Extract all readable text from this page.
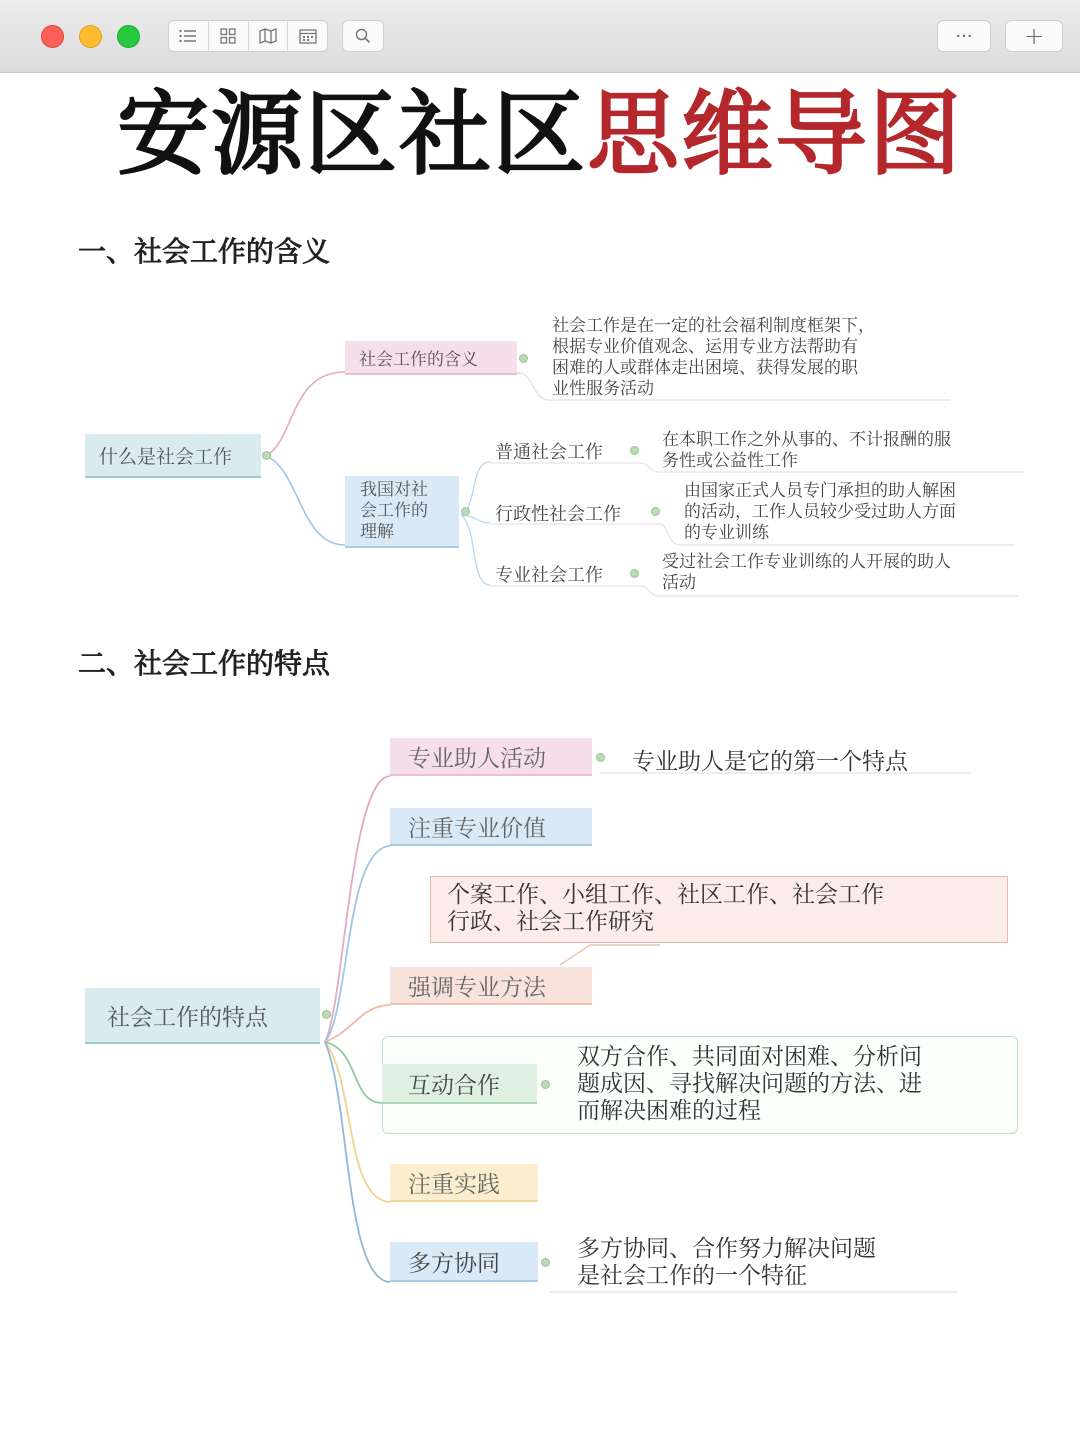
···	+
安源区社区思维导图
一、社会工作的含义
什么是社会工作
社会工作的含义
社会工作是在一定的社会福利制度框架下，
根据专业价值观念、运用专业方法帮助有
困难的人或群体走出困境、获得发展的职
业性服务活动
我国对社
会工作的
理解
普通社会工作
在本职工作之外从事的、不计报酬的服
务性或公益性工作
行政性社会工作
由国家正式人员专门承担的助人解困
的活动，工作人员较少受过助人方面
的专业训练
专业社会工作
受过社会工作专业训练的人开展的助人
活动
二、社会工作的特点
社会工作的特点
专业助人活动	专业助人是它的第一个特点
注重专业价值
个案工作、小组工作、社区工作、社会工作
行政、社会工作研究
强调专业方法
互动合作
双方合作、共同面对困难、分析问
题成因、寻找解决问题的方法、进
而解决困难的过程
注重实践
多方协同
多方协同、合作努力解决问题
是社会工作的一个特征
